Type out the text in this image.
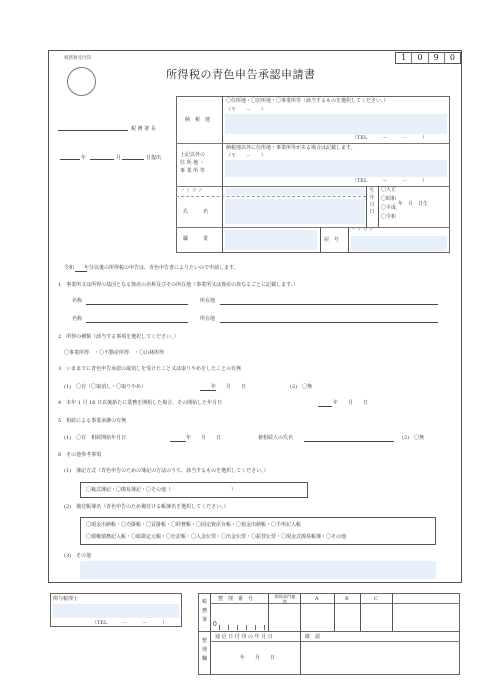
税務署受付印	1	0	9	0
所得税の青色申告承認申請書
税 務 署 長
年	月	日提出
納　税　地
〇住所地・〇居所地・〇事業所等（該当するものを選択してください。）
（〒　　－　　）
（TEL　　　－　　　－　　　）
上記以外の
住 所 地 ・
事 業 所 等
納税地以外に住所地・事業所等がある場合は記載します。
（〒　　－　　）
（TEL　　　－　　　－　　　）
フ リ ガ ナ
氏　　　名
生年月日
〇大正
〇昭和
〇平成
〇令和
年　月　日生
職　　　業
フ リ ガ ナ
屋　号
令和　　年分以後の所得税の申告は、青色申告書によりたいので申請します。
1　事業所又は所得の基因となる資産の名称及びその所在地（事業所又は資産の異なるごとに記載します。）
名称	所在地
名称	所在地
2　所得の種類（該当する事項を選択してください。）
〇事業所得　・〇不動産所得　・〇山林所得
3　いままでに青色申告承認の取消しを受けたこと又は取りやめをしたことの有無
(1)　〇有（〇取消し・〇取りやめ）	年　　月　　日	(2)　〇無
4　本年 1 月 16 日以後新たに業務を開始した場合、その開始した年月日	年　　月　　日
5　相続による事業承継の有無
(1)　〇有　相続開始年月日	年　　月　　日	被相続人の氏名	(2)　〇無
6　その他参考事項
(1)　簿記方式（青色申告のための簿記の方法のうち、該当するものを選択してください。）
〇複式簿記・〇簡易簿記・〇その他（　　　　　　　　　　　　）
(2)　備付帳簿名（青色申告のため備付ける帳簿名を選択してください。）
〇現金出納帳・〇売掛帳・〇買掛帳・〇経費帳・〇固定資産台帳・〇預金出納帳・〇手形記入帳
〇債権債務記入帳・〇総勘定元帳・〇仕訳帳・〇入金伝票・〇出金伝票・〇振替伝票・〇現金式簡易帳簿・〇その他
(3)　その他
関与税理士
（TEL　　　－　　　－　　　）
税務署
整理欄
整　理　番　号	関係部門連　絡	A	B	C
0
通 信 日 付 印 の 年 月 日	確　認
年　　月　　日
